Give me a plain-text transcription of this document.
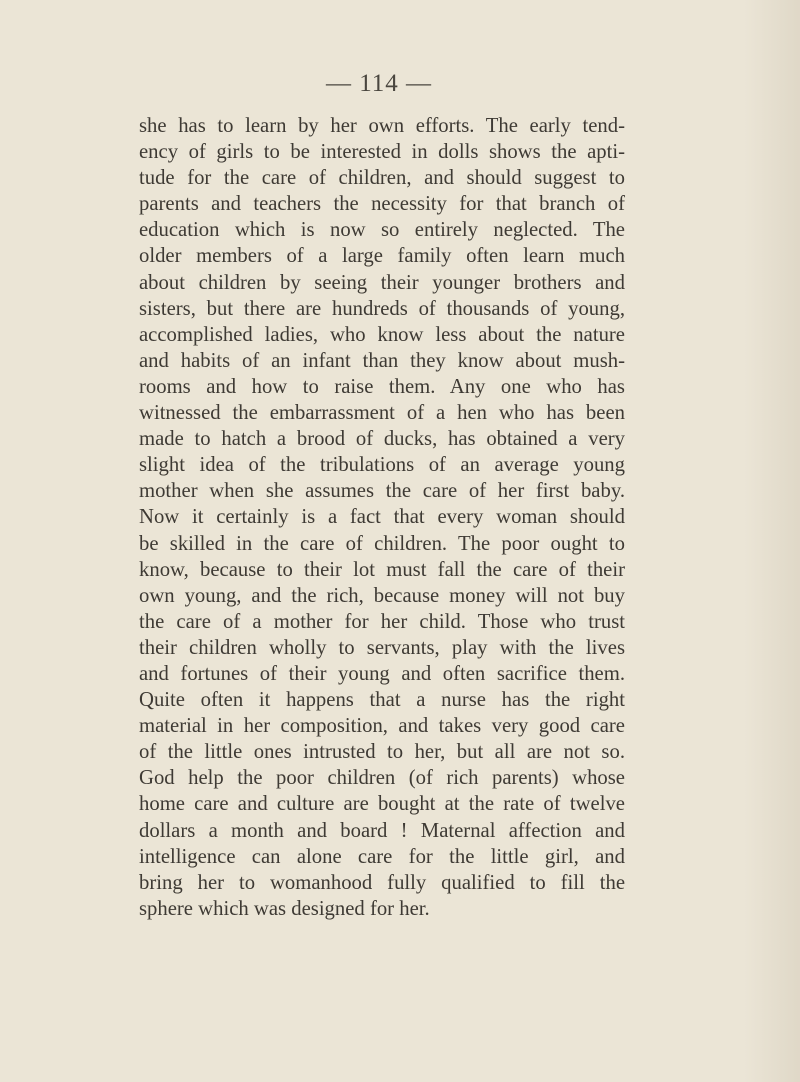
— 114 —
she has to learn by her own efforts. The early tend-
ency of girls to be interested in dolls shows the apti-
tude for the care of children, and should suggest to
parents and teachers the necessity for that branch of
education which is now so entirely neglected. The
older members of a large family often learn much
about children by seeing their younger brothers and
sisters, but there are hundreds of thousands of young,
accomplished ladies, who know less about the nature
and habits of an infant than they know about mush-
rooms and how to raise them. Any one who has
witnessed the embarrassment of a hen who has been
made to hatch a brood of ducks, has obtained a very
slight idea of the tribulations of an average young
mother when she assumes the care of her first baby.
Now it certainly is a fact that every woman should
be skilled in the care of children. The poor ought to
know, because to their lot must fall the care of their
own young, and the rich, because money will not buy
the care of a mother for her child. Those who trust
their children wholly to servants, play with the lives
and fortunes of their young and often sacrifice them.
Quite often it happens that a nurse has the right
material in her composition, and takes very good care
of the little ones intrusted to her, but all are not so.
God help the poor children (of rich parents) whose
home care and culture are bought at the rate of twelve
dollars a month and board ! Maternal affection and
intelligence can alone care for the little girl, and
bring her to womanhood fully qualified to fill the
sphere which was designed for her.
